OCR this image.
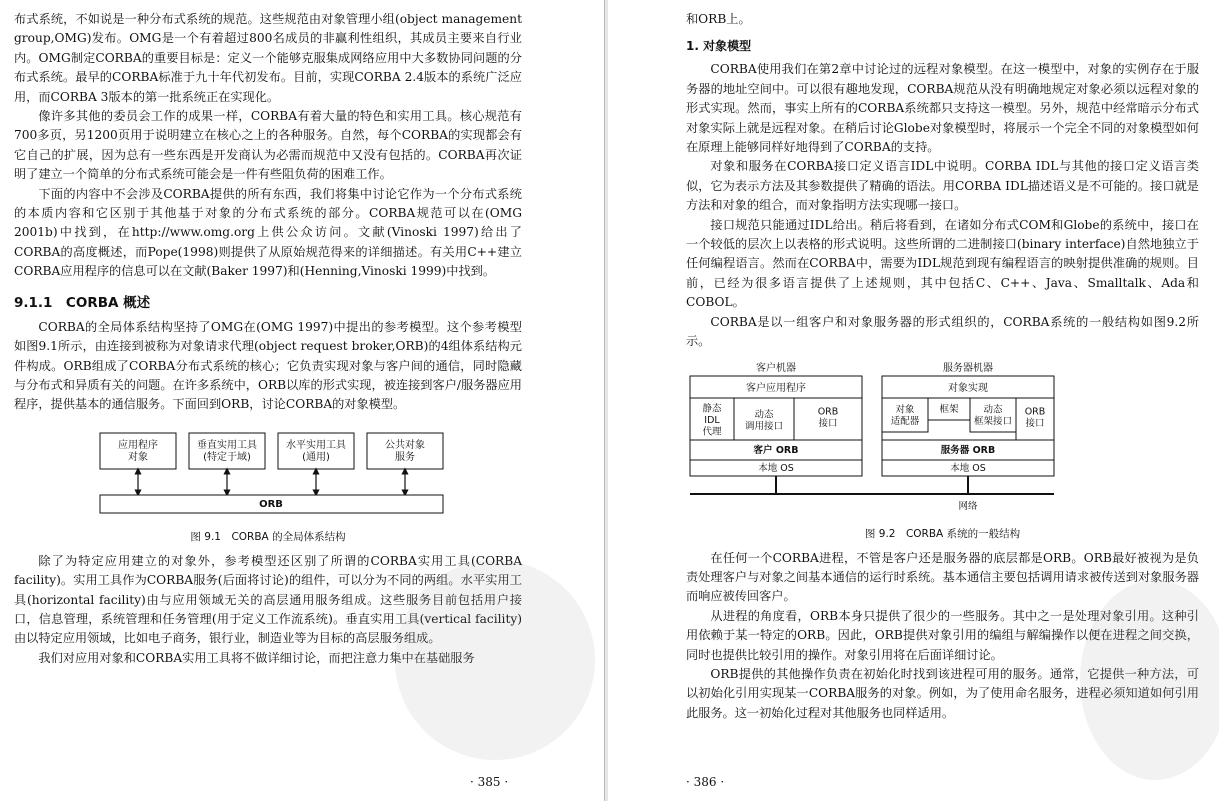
布式系统，不如说是一种分布式系统的规范。这些规范由对象管理小组(object management group,OMG)发布。OMG是一个有着超过800名成员的非赢利性组织，其成员主要来自行业内。OMG制定CORBA的重要目标是：定义一个能够克服集成网络应用中大多数协同问题的分布式系统。最早的CORBA标准于九十年代初发布。目前，实现CORBA 2.4版本的系统广泛应用，而CORBA 3版本的第一批系统正在实现化。

像许多其他的委员会工作的成果一样，CORBA有着大量的特色和实用工具。核心规范有700多页，另1200页用于说明建立在核心之上的各种服务。自然，每个CORBA的实现都会有它自己的扩展，因为总有一些东西是开发商认为必需而规范中又没有包括的。CORBA再次证明了建立一个简单的分布式系统可能会是一件有些阻负荷的困难工作。

下面的内容中不会涉及CORBA提供的所有东西，我们将集中讨论它作为一个分布式系统的本质内容和它区别于其他基于对象的分布式系统的部分。CORBA规范可以在(OMG 2001b)中找到，在http://www.omg.org上供公众访问。文献(Vinoski 1997)给出了CORBA的高度概述，而Pope(1998)则提供了从原始规范得来的详细描述。有关用C++建立CORBA应用程序的信息可以在文献(Baker 1997)和(Henning,Vinoski 1999)中找到。

9.1.1　CORBA 概述

CORBA的全局体系结构坚持了OMG在(OMG 1997)中提出的参考模型。这个参考模型如图9.1所示，由连接到被称为对象请求代理(object request broker,ORB)的4组体系结构元件构成。ORB组成了CORBA分布式系统的核心；它负责实现对象与客户间的通信，同时隐藏与分布式和异质有关的问题。在许多系统中，ORB以库的形式实现，被连接到客户/服务器应用程序，提供基本的通信服务。下面回到ORB，讨论CORBA的对象模型。

应用程序对象
垂直实用工具(特定于域)
水平实用工具(通用)
公共对象服务
ORB
图 9.1　CORBA 的全局体系结构

除了为特定应用建立的对象外，参考模型还区别了所谓的CORBA实用工具(CORBA facility)。实用工具作为CORBA服务(后面将讨论)的组件，可以分为不同的两组。水平实用工具(horizontal facility)由与应用领域无关的高层通用服务组成。这些服务目前包括用户接口，信息管理，系统管理和任务管理(用于定义工作流系统)。垂直实用工具(vertical facility)由以特定应用领域，比如电子商务，银行业，制造业等为目标的高层服务组成。

我们对应用对象和CORBA实用工具将不做详细讨论，而把注意力集中在基础服务

· 385 ·

和ORB上。

1. 对象模型

CORBA使用我们在第2章中讨论过的远程对象模型。在这一模型中，对象的实例存在于服务器的地址空间中。可以很有趣地发现，CORBA规范从没有明确地规定对象必须以远程对象的形式实现。然而，事实上所有的CORBA系统都只支持这一模型。另外，规范中经常暗示分布式对象实际上就是远程对象。在稍后讨论Globe对象模型时，将展示一个完全不同的对象模型如何在原理上能够同样好地得到了CORBA的支持。

对象和服务在CORBA接口定义语言IDL中说明。CORBA IDL与其他的接口定义语言类似，它为表示方法及其参数提供了精确的语法。用CORBA IDL描述语义是不可能的。接口就是方法和对象的组合，而对象指明方法实现哪一接口。

接口规范只能通过IDL给出。稍后将看到，在诸如分布式COM和Globe的系统中，接口在一个较低的层次上以表格的形式说明。这些所谓的二进制接口(binary interface)自然地独立于任何编程语言。然而在CORBA中，需要为IDL规范到现有编程语言的映射提供准确的规则。目前，已经为很多语言提供了上述规则，其中包括C、C++、Java、Smalltalk、Ada和COBOL。

CORBA是以一组客户和对象服务器的形式组织的，CORBA系统的一般结构如图9.2所示。

客户机器
客户应用程序
静态 IDL 代理
动态调用接口
ORB 接口
客户 ORB
本地 OS
服务器机器
对象实现
对象适配器
框架	动态框架接口
ORB 接口
服务器 ORB
本地 OS
网络
图 9.2　CORBA 系统的一般结构

在任何一个CORBA进程，不管是客户还是服务器的底层都是ORB。ORB最好被视为是负责处理客户与对象之间基本通信的运行时系统。基本通信主要包括调用请求被传送到对象服务器而响应被传回客户。

从进程的角度看，ORB本身只提供了很少的一些服务。其中之一是处理对象引用。这种引用依赖于某一特定的ORB。因此，ORB提供对象引用的编组与解编操作以便在进程之间交换，同时也提供比较引用的操作。对象引用将在后面详细讨论。

ORB提供的其他操作负责在初始化时找到该进程可用的服务。通常，它提供一种方法，可以初始化引用实现某一CORBA服务的对象。例如，为了使用命名服务，进程必须知道如何引用此服务。这一初始化过程对其他服务也同样适用。

· 386 ·
